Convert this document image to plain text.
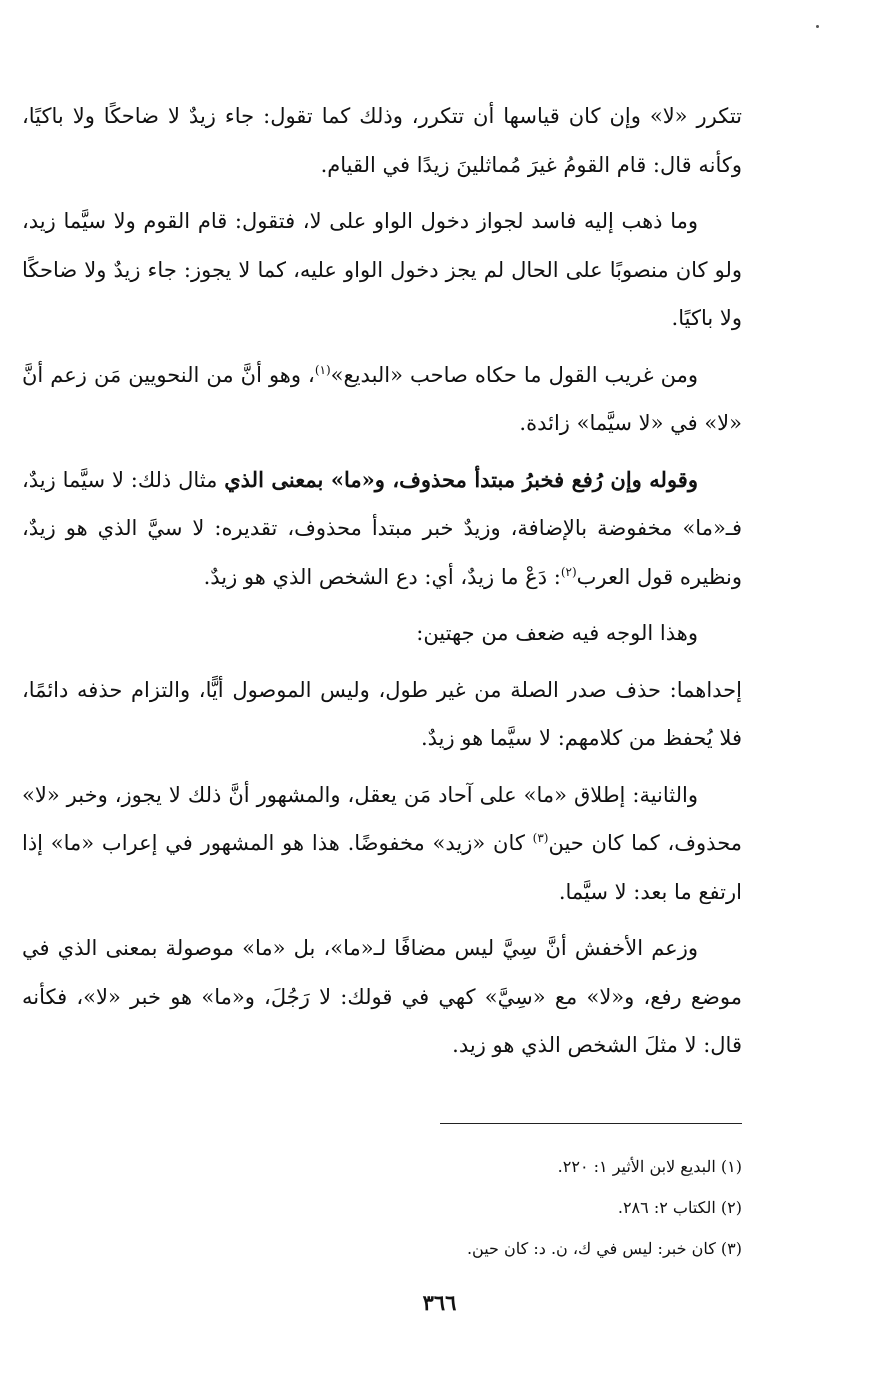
تتكرر «لا» وإن كان قياسها أن تتكرر، وذلك كما تقول: جاء زيدٌ لا ضاحكًا ولا باكيًا، وكأنه قال: قام القومُ غيرَ مُماثلينَ زيدًا في القيام.

وما ذهب إليه فاسد لجواز دخول الواو على لا، فتقول: قام القوم ولا سيَّما زيد، ولو كان منصوبًا على الحال لم يجز دخول الواو عليه، كما لا يجوز: جاء زيدٌ ولا ضاحكًا ولا باكيًا.

ومن غريب القول ما حكاه صاحب «البديع»$^{(١)}$، وهو أنَّ من النحويين مَن زعم أنَّ «لا» في «لا سيَّما» زائدة.

وقوله وإن رُفع فخبرُ مبتدأ محذوف، و«ما» بمعنى الذي مثال ذلك: لا سيَّما زيدٌ، فـ«ما» مخفوضة بالإضافة، وزيدٌ خبر مبتدأ محذوف، تقديره: لا سيَّ الذي هو زيدٌ، ونظيره قول العرب$^{(٢)}$: دَعْ ما زيدٌ، أي: دع الشخص الذي هو زيدٌ.

وهذا الوجه فيه ضعف من جهتين:

إحداهما: حذف صدر الصلة من غير طول، وليس الموصول أيًّا، والتزام حذفه دائمًا، فلا يُحفظ من كلامهم: لا سيَّما هو زيدٌ.

والثانية: إطلاق «ما» على آحاد مَن يعقل، والمشهور أنَّ ذلك لا يجوز، وخبر «لا» محذوف، كما كان حين$^{(٣)}$ كان «زيد» مخفوضًا. هذا هو المشهور في إعراب «ما» إذا ارتفع ما بعد: لا سيَّما.

وزعم الأخفش أنَّ سِيَّ ليس مضافًا لـ«ما»، بل «ما» موصولة بمعنى الذي في موضع رفع، و«لا» مع «سِيَّ» كهي في قولك: لا رَجُلَ، و«ما» هو خبر «لا»، فكأنه قال: لا مثلَ الشخص الذي هو زيد.

(١) البديع لابن الأثير ١: ٢٢٠.

(٢) الكتاب ٢: ٢٨٦.

(٣) كان خبر: ليس في ك، ن. د: كان حين.

٣٦٦
